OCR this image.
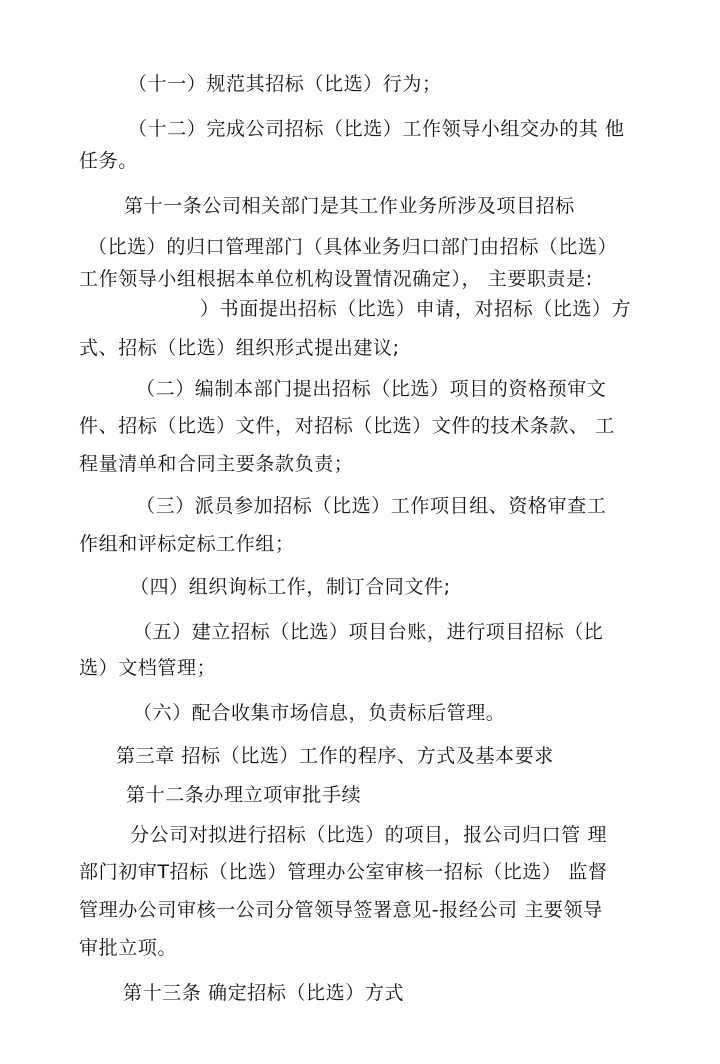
（十一）规范其招标（比选）行为；
（十二）完成公司招标（比选）工作领导小组交办的其 他
任务。
第十一条公司相关部门是其工作业务所涉及项目招标
（比选）的归口管理部门（具体业务归口部门由招标（比选）
工作领导小组根据本单位机构设置情况确定）， 主要职责是:
）书面提出招标（比选）申请，对招标（比选）方
式、招标（比选）组织形式提出建议;
（二）编制本部门提出招标（比选）项目的资格预审文
件、招标（比选）文件，对招标（比选）文件的技术条款、 工
程量清单和合同主要条款负责；
（三）派员参加招标（比选）工作项目组、资格审查工
作组和评标定标工作组；
（四）组织询标工作，制订合同文件;
（五）建立招标（比选）项目台账，进行项目招标（比
选）文档管理；
（六）配合收集市场信息，负责标后管理。
第三章 招标（比选）工作的程序、方式及基本要求
第十二条办理立项审批手续
分公司对拟进行招标（比选）的项目，报公司归口管 理
部门初审T招标（比选）管理办公室审核一招标（比选） 监督
管理办公司审核一公司分管领导签署意见-报经公司 主要领导
审批立项。
第十三条 确定招标（比选）方式
